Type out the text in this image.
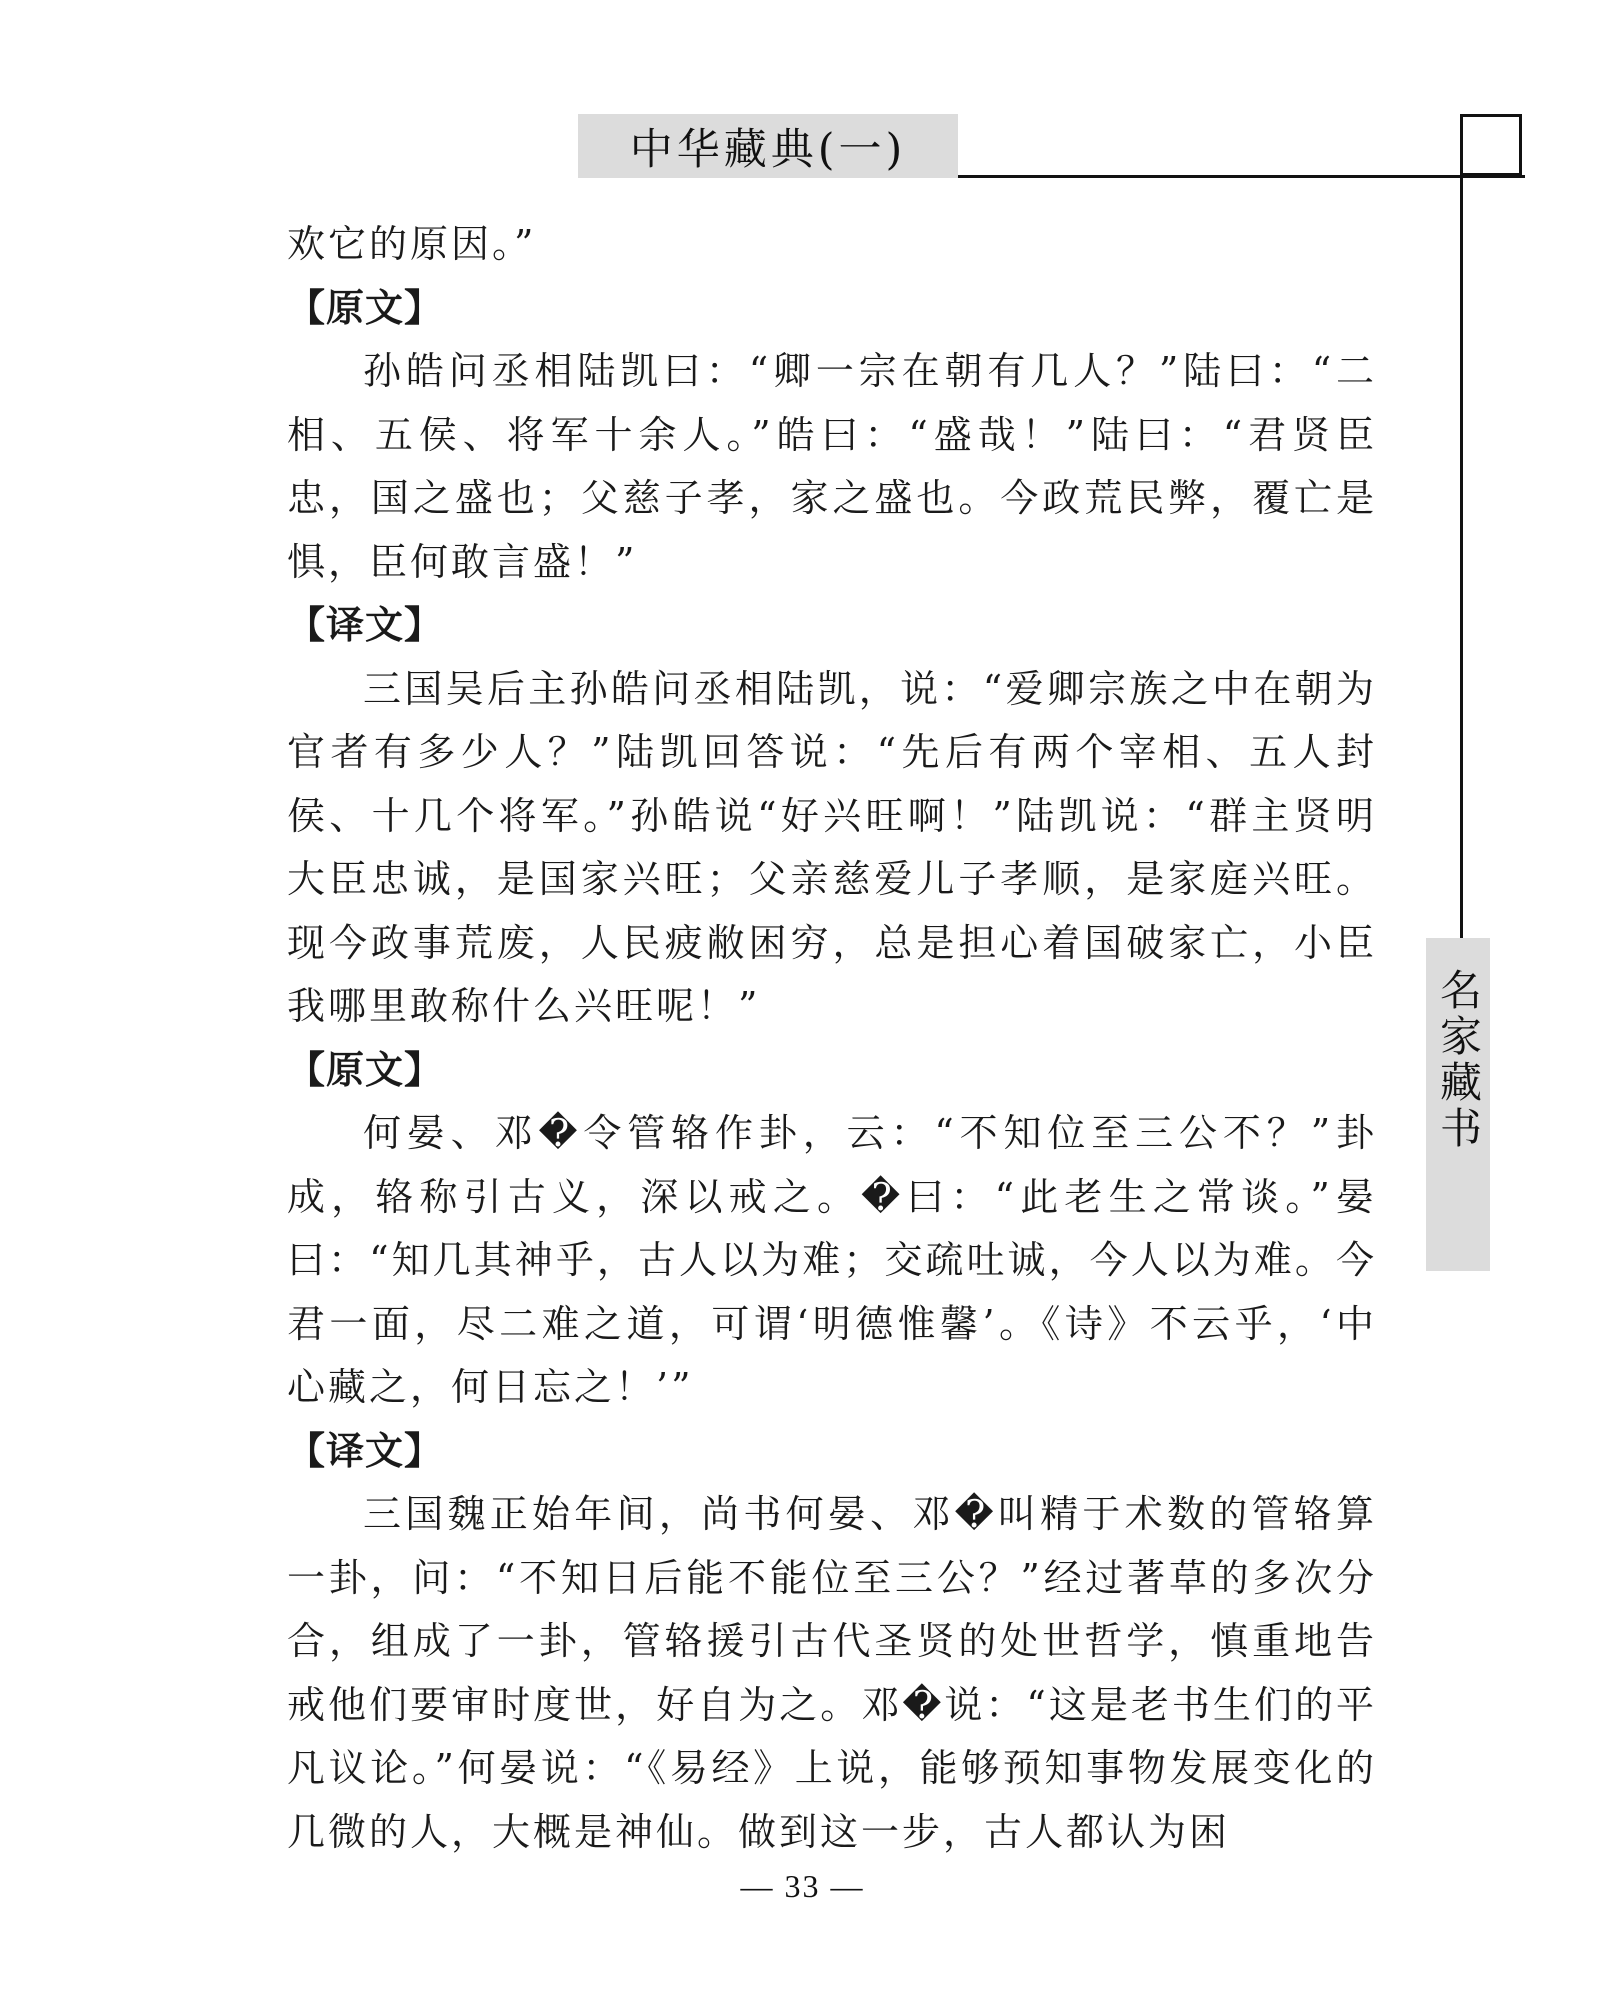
中华藏典(一)
名家藏书

欢它的原因。”

【原文】

孙皓问丞相陆凯曰：“卿一宗在朝有几人？”陆曰：“二相、五侯、将军十余人。”皓曰：“盛哉！”陆曰：“君贤臣忠，国之盛也；父慈子孝，家之盛也。今政荒民弊，覆亡是惧，臣何敢言盛！”

【译文】

三国吴后主孙皓问丞相陆凯，说：“爱卿宗族之中在朝为官者有多少人？”陆凯回答说：“先后有两个宰相、五人封侯、十几个将军。”孙皓说“好兴旺啊！”陆凯说：“群主贤明大臣忠诚，是国家兴旺；父亲慈爱儿子孝顺，是家庭兴旺。现今政事荒废，人民疲敝困穷，总是担心着国破家亡，小臣我哪里敢称什么兴旺呢！”

【原文】

何晏、邓�令管辂作卦，云：“不知位至三公不？”卦成，辂称引古义，深以戒之。�曰：“此老生之常谈。”晏曰：“知几其神乎，古人以为难；交疏吐诚，今人以为难。今君一面，尽二难之道，可谓‘明德惟馨’。《诗》不云乎，‘中心藏之，何日忘之！’”

【译文】

三国魏正始年间，尚书何晏、邓�叫精于术数的管辂算一卦，问：“不知日后能不能位至三公？”经过著草的多次分合，组成了一卦，管辂援引古代圣贤的处世哲学，慎重地告戒他们要审时度世，好自为之。邓�说：“这是老书生们的平凡议论。”何晏说：“《易经》上说，能够预知事物发展变化的几微的人，大概是神仙。做到这一步，古人都认为困

— 33 —
